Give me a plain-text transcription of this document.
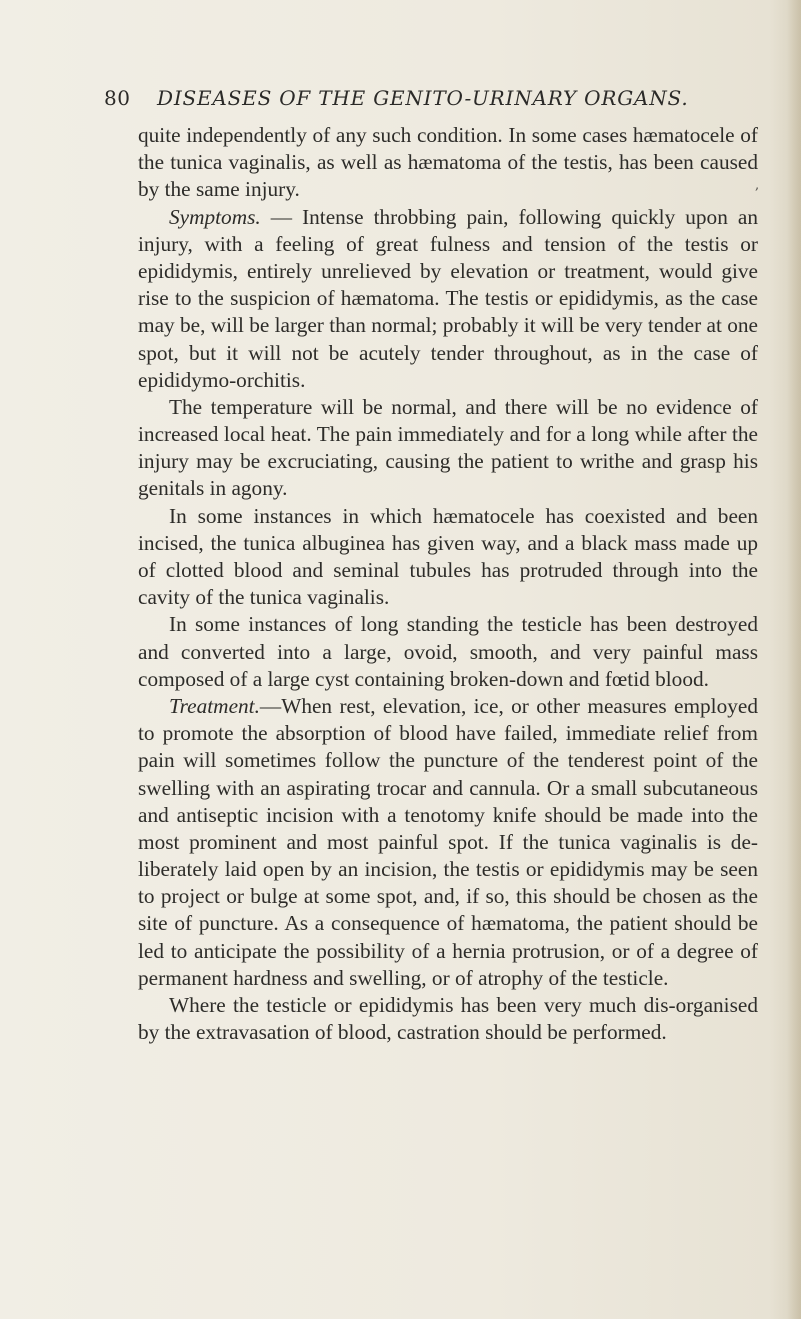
80 DISEASES OF THE GENITO-URINARY ORGANS.
,

quite independently of any such condition. In some cases hæmatocele of the tunica vaginalis, as well as hæmatoma of the testis, has been caused by the same injury.

Symptoms. — Intense throbbing pain, following quickly upon an injury, with a feeling of great fulness and tension of the testis or epididymis, entirely unrelieved by elevation or treatment, would give rise to the suspicion of hæmatoma. The testis or epididymis, as the case may be, will be larger than normal; probably it will be very tender at one spot, but it will not be acutely tender throughout, as in the case of epididymo-orchitis.

The temperature will be normal, and there will be no evidence of increased local heat. The pain immediately and for a long while after the injury may be excruciating, causing the patient to writhe and grasp his genitals in agony.

In some instances in which hæmatocele has coexisted and been incised, the tunica albuginea has given way, and a black mass made up of clotted blood and seminal tubules has protruded through into the cavity of the tunica vaginalis.

In some instances of long standing the testicle has been destroyed and converted into a large, ovoid, smooth, and very painful mass composed of a large cyst containing broken-down and fœtid blood.

Treatment.—When rest, elevation, ice, or other measures employed to promote the absorption of blood have failed, immediate relief from pain will sometimes follow the puncture of the tenderest point of the swelling with an aspirating trocar and cannula. Or a small subcutaneous and antiseptic incision with a tenotomy knife should be made into the most prominent and most painful spot. If the tunica vaginalis is de-liberately laid open by an incision, the testis or epididymis may be seen to project or bulge at some spot, and, if so, this should be chosen as the site of puncture. As a consequence of hæmatoma, the patient should be led to anticipate the possibility of a hernia protrusion, or of a degree of permanent hardness and swelling, or of atrophy of the testicle.

Where the testicle or epididymis has been very much dis-organised by the extravasation of blood, castration should be performed.
